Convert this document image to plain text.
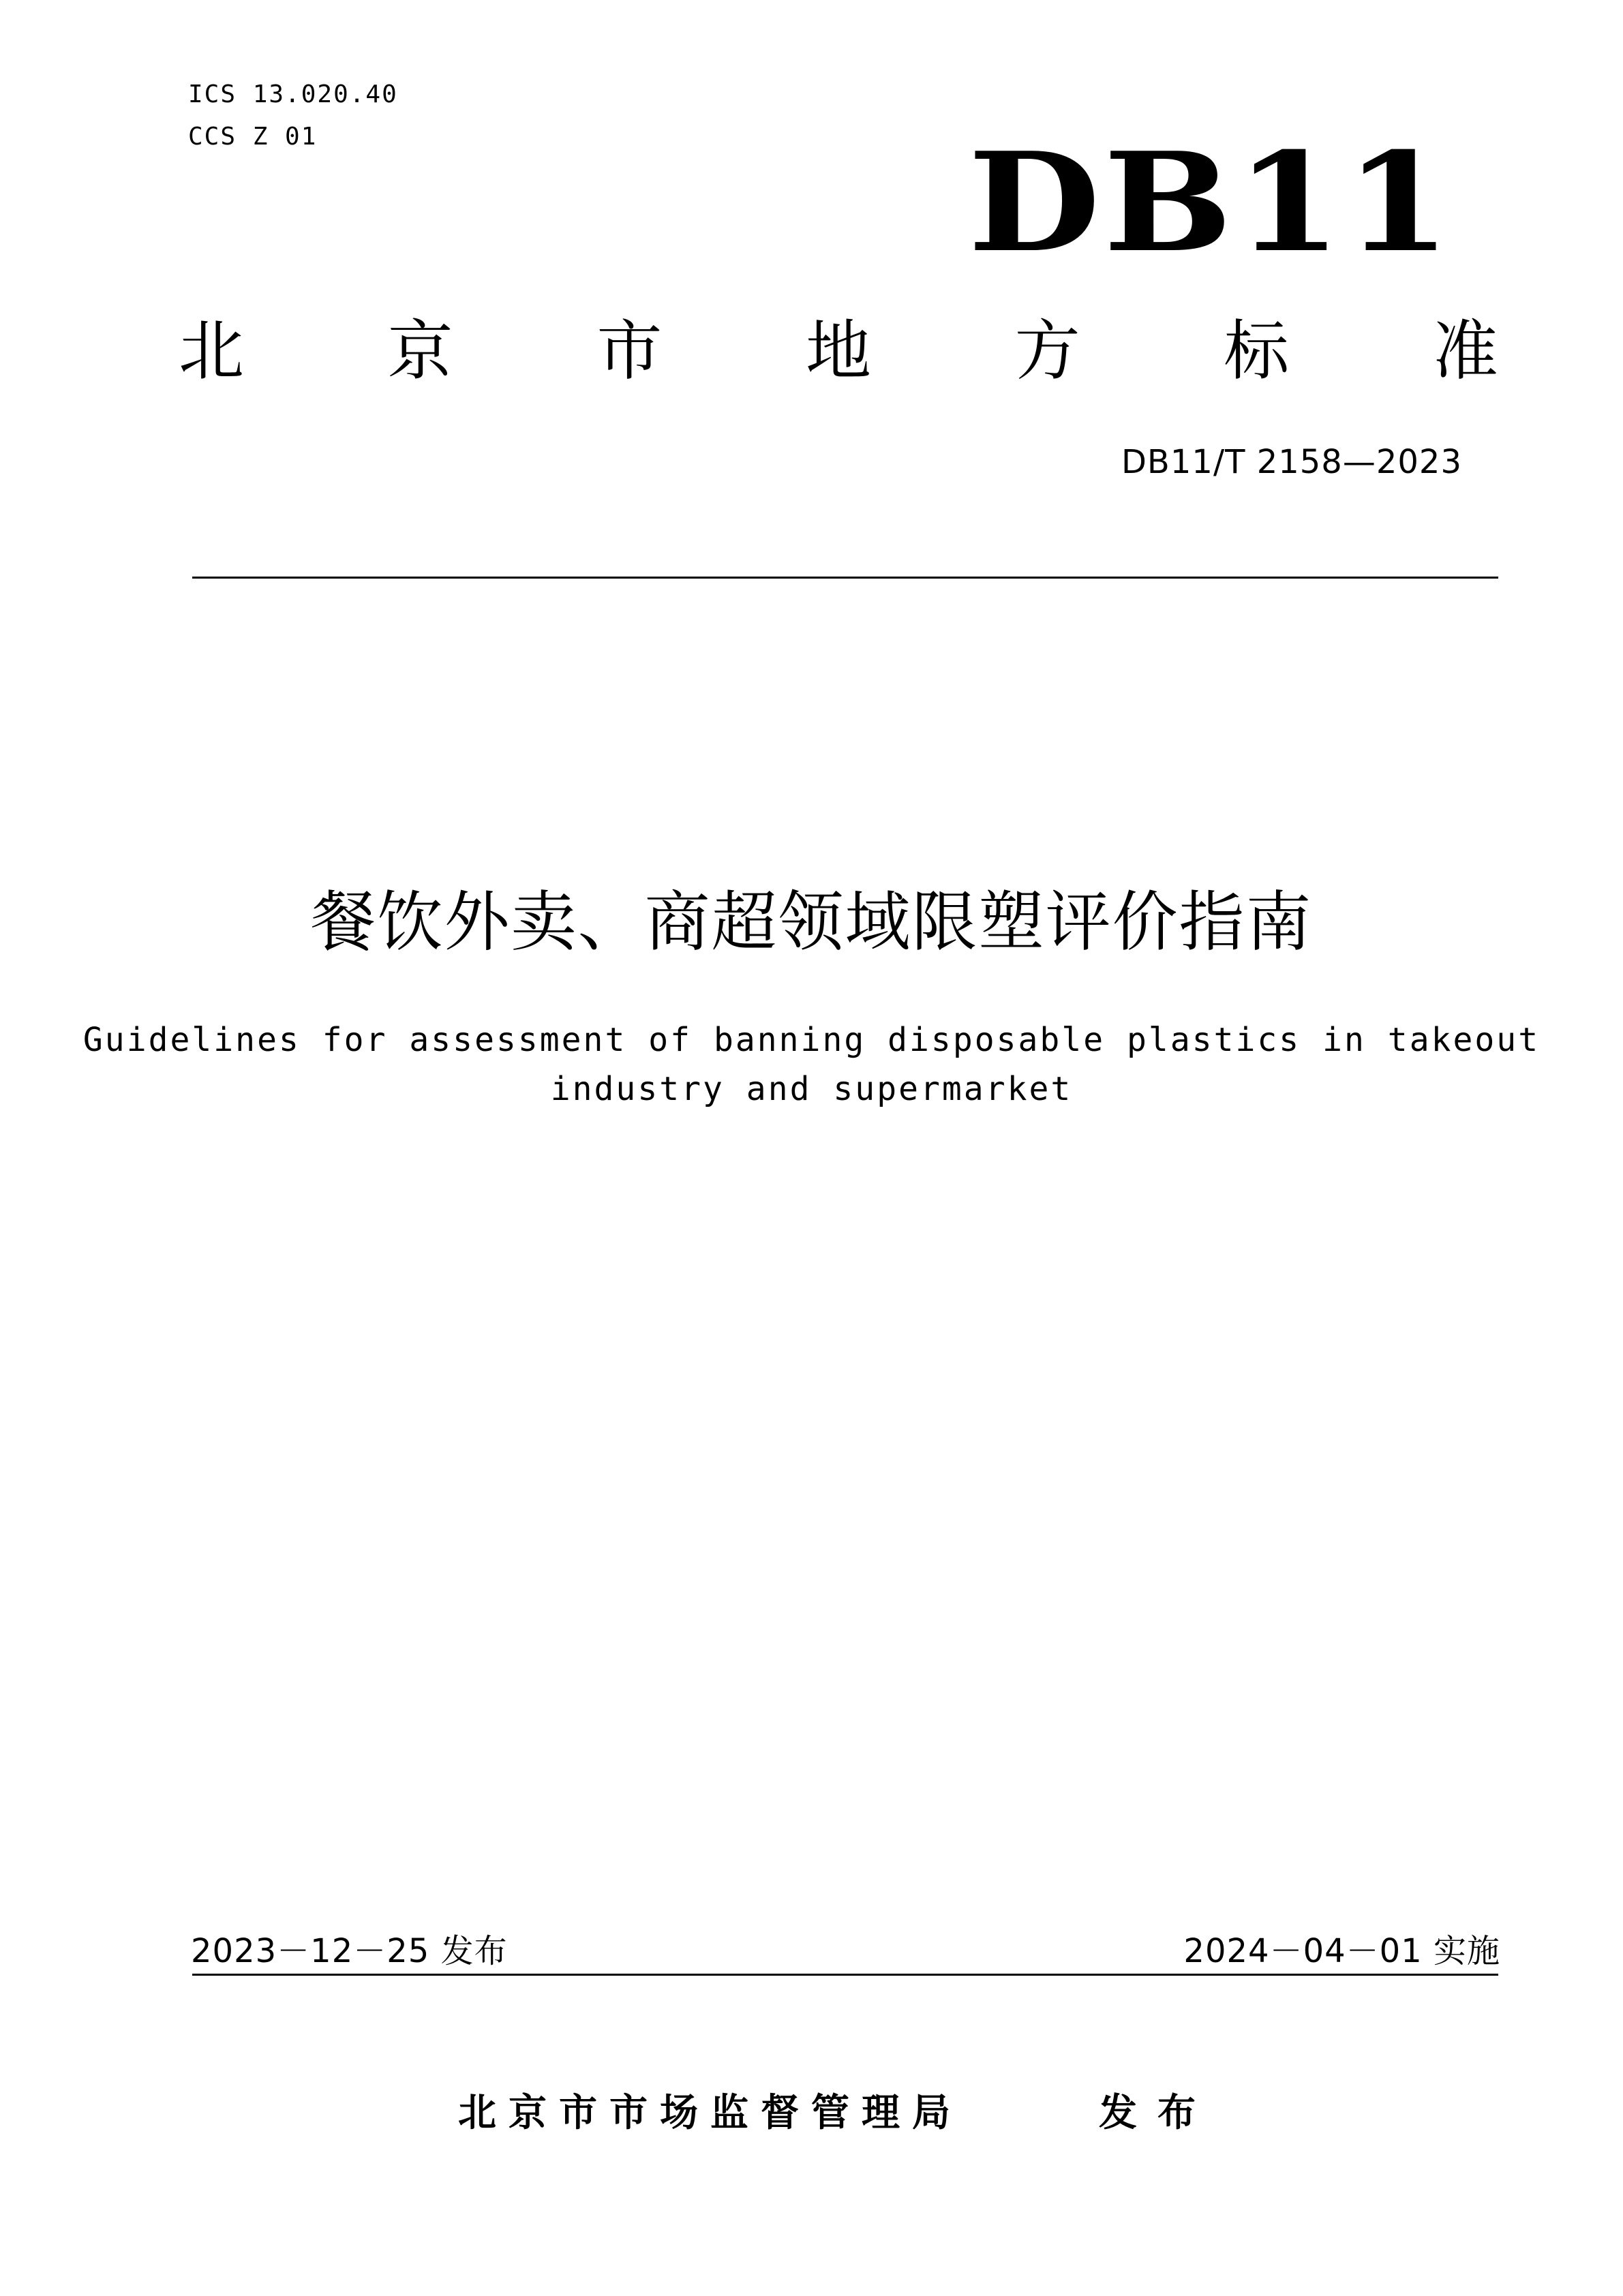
ICS 13.020.40
CCS Z 01	DB11
北 京 市 地 方 标 准
DB11/T 2158—2023
餐饮外卖、商超领域限塑评价指南
Guidelines for assessment of banning disposable plastics in takeout
industry and supermarket
2023－12－25 发布	2024－04－01 实施
北京市市场监督管理局	发布
